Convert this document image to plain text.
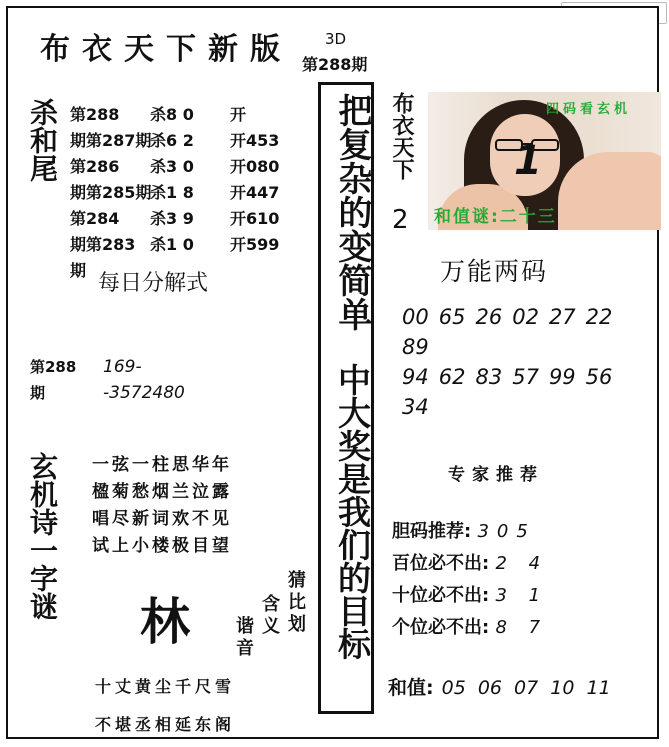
布衣天下新版 3D
第288期
把复杂的变简单
中大奖是我们的目标
杀和尾 第288 杀8 0 开
期第287期
杀6 2 开453
第286 杀3 0 开080
期第285期
杀1 8 开447
第284 杀3 9 开610
期第283 杀1 0 开599
期
每日分解式
第288
期
169-
-3572480
玄机诗一字谜 一弦一柱思华年
楹菊愁烟兰泣露
唱尽新词欢不见
试上小楼极目望
林
猜
比
划
含
义
谐
音
十丈黄尘千尺雪
不堪丞相延东阁
布衣天下
2
四码看玄机
1
和值谜:二十三
万能两码
00 65 26 02 27 22
89
94 62 83 57 99 56
34
专家推荐
胆码推荐: 305
百位必不出: 2 4
十位必不出: 3 1
个位必不出: 8 7
和值: 05 06 07 10 11
